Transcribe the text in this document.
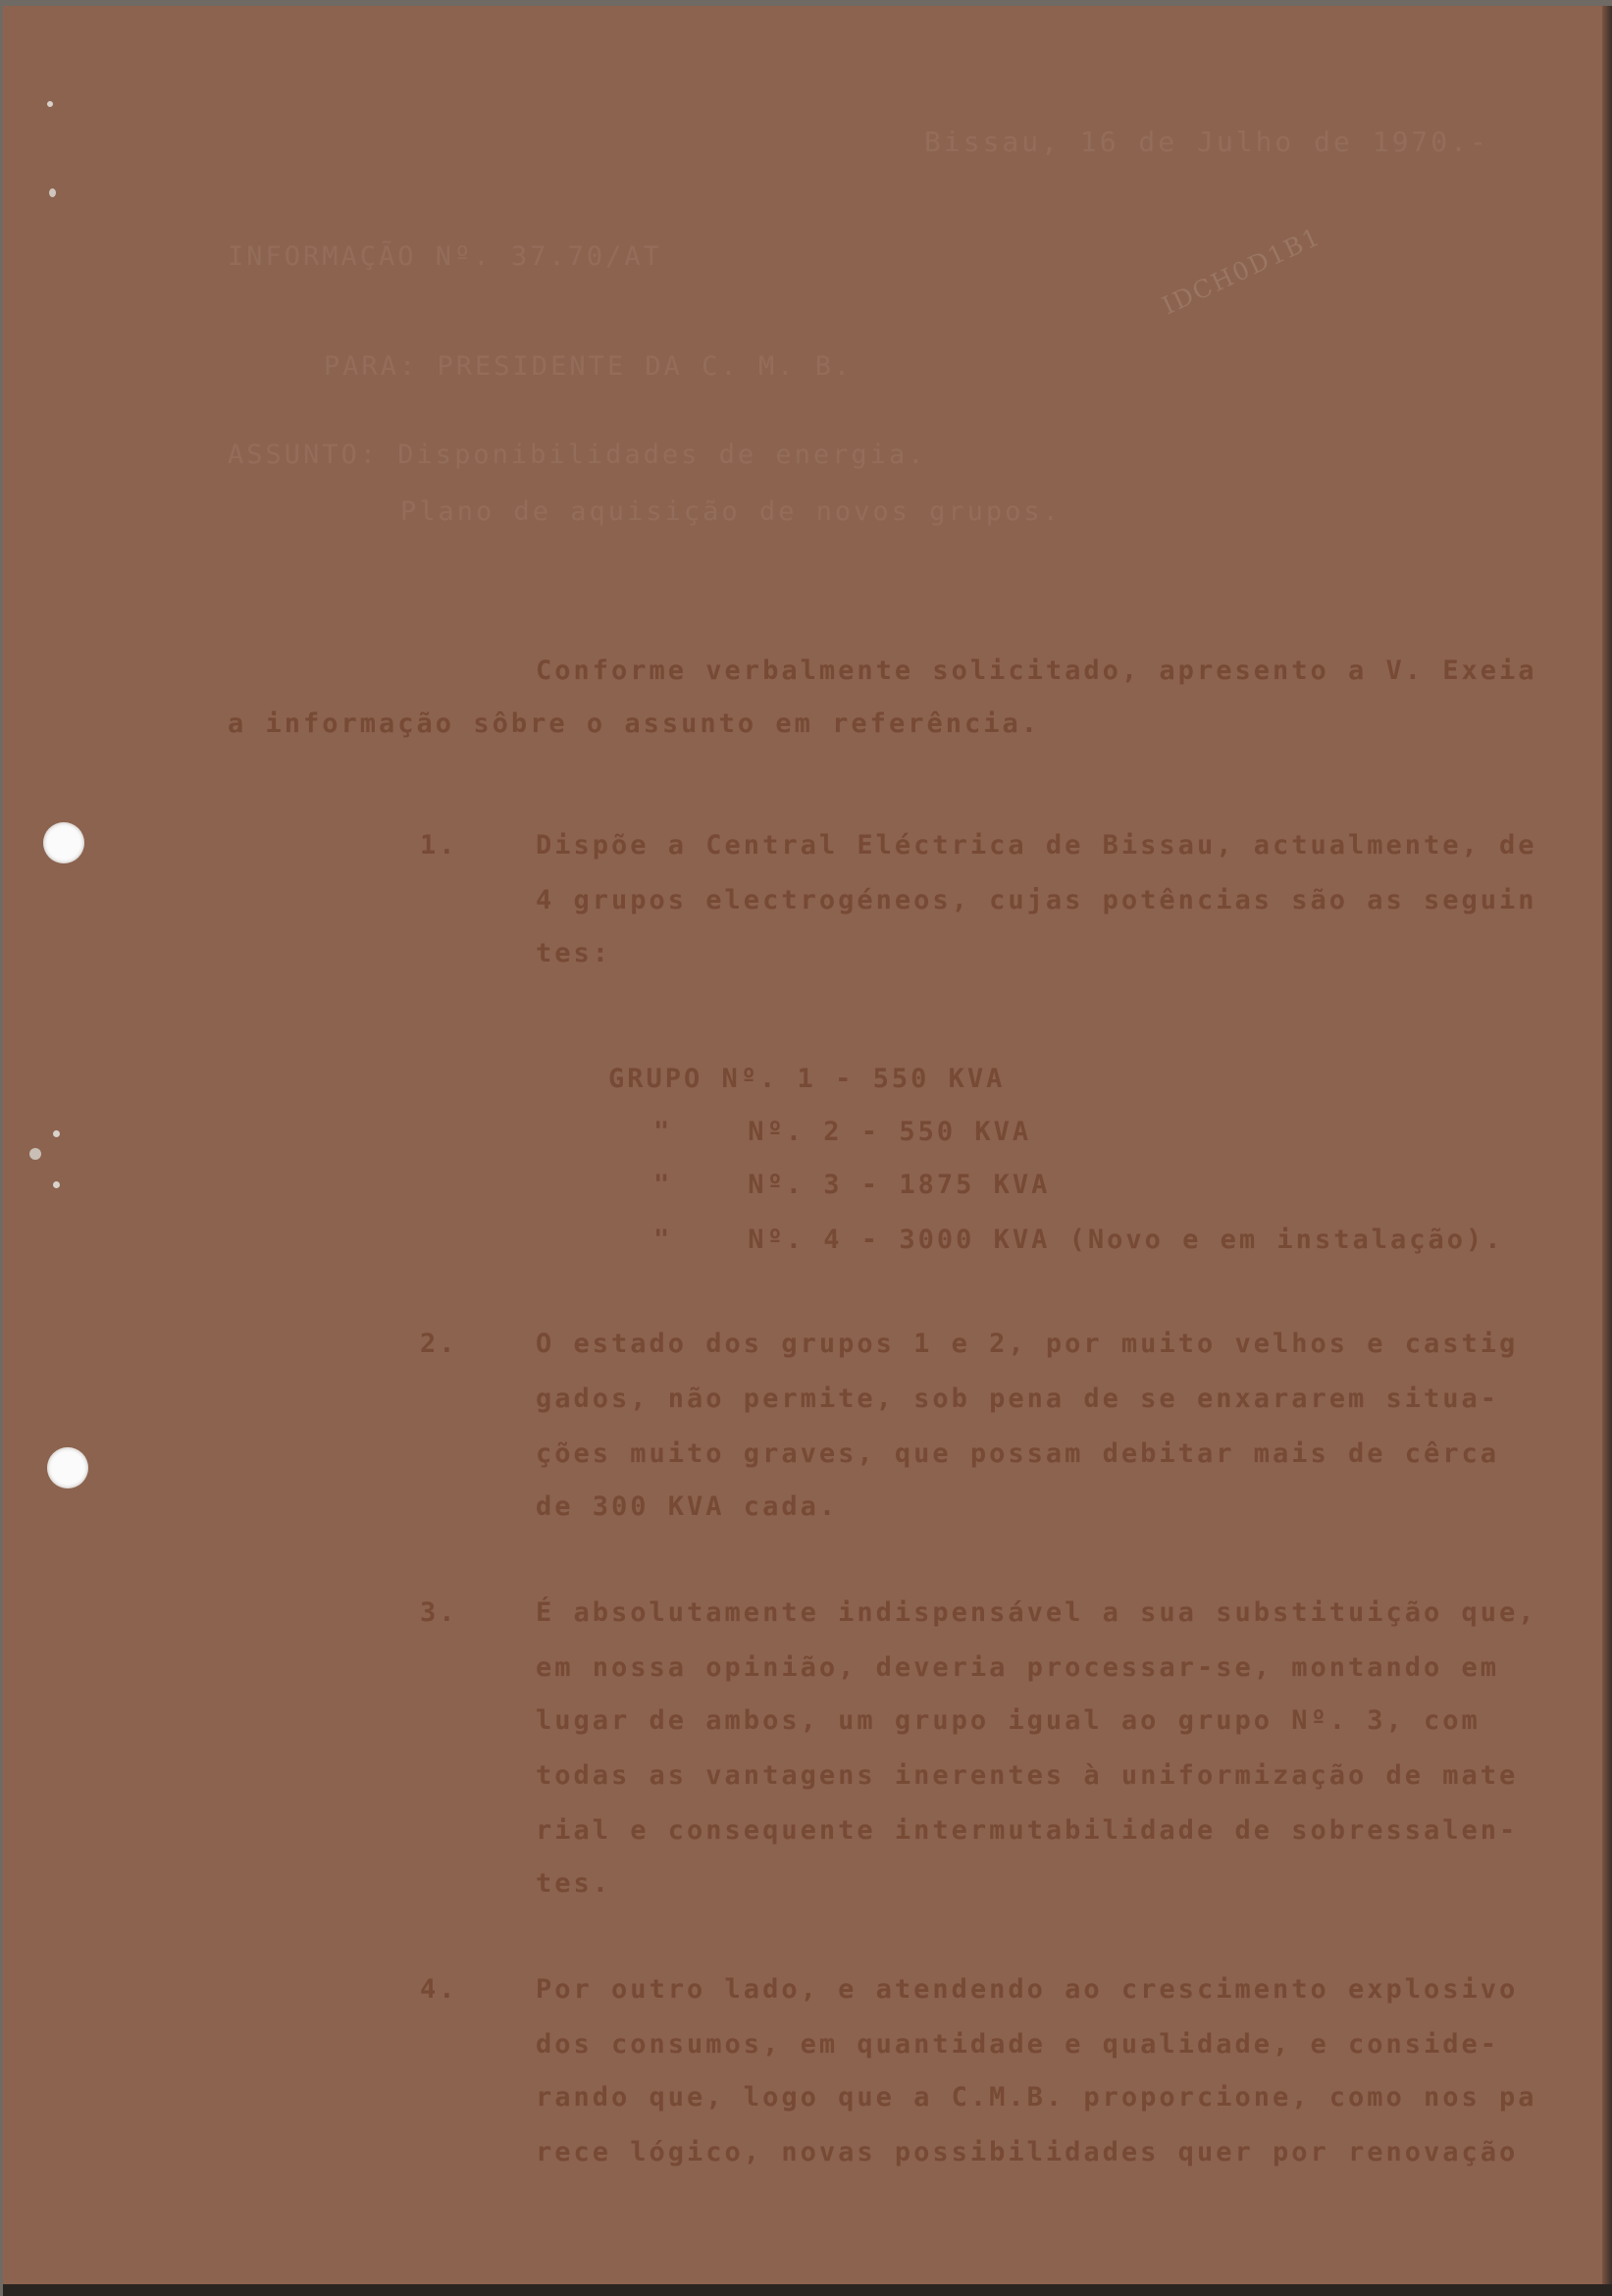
Bissau, 16 de Julho de 1970.-

INFORMAÇÃO Nº. 37.70/AT

PARA: PRESIDENTE DA C. M. B.

IDCH0D1B1

ASSUNTO: Disponibilidades de energia.

Plano de aquisição de novos grupos.

Conforme verbalmente solicitado, apresento a V. Exeia

a informação sôbre o assunto em referência.

1.	Dispõe a Central Eléctrica de Bissau, actualmente, de

4 grupos electrogéneos, cujas potências são as seguin

tes:

GRUPO Nº. 1 - 550 KVA

"    Nº. 2 - 550 KVA

"    Nº. 3 - 1875 KVA

"    Nº. 4 - 3000 KVA (Novo e em instalação).

2.	O estado dos grupos 1 e 2, por muito velhos e castig

gados, não permite, sob pena de se enxararem situa-

ções muito graves, que possam debitar mais de cêrca

de 300 KVA cada.

3.	É absolutamente indispensável a sua substituição que,

em nossa opinião, deveria processar-se, montando em

lugar de ambos, um grupo igual ao grupo Nº. 3, com

todas as vantagens inerentes à uniformização de mate

rial e consequente intermutabilidade de sobressalen-

tes.

4.	Por outro lado, e atendendo ao crescimento explosivo

dos consumos, em quantidade e qualidade, e conside-

rando que, logo que a C.M.B. proporcione, como nos pa

rece lógico, novas possibilidades quer por renovação
